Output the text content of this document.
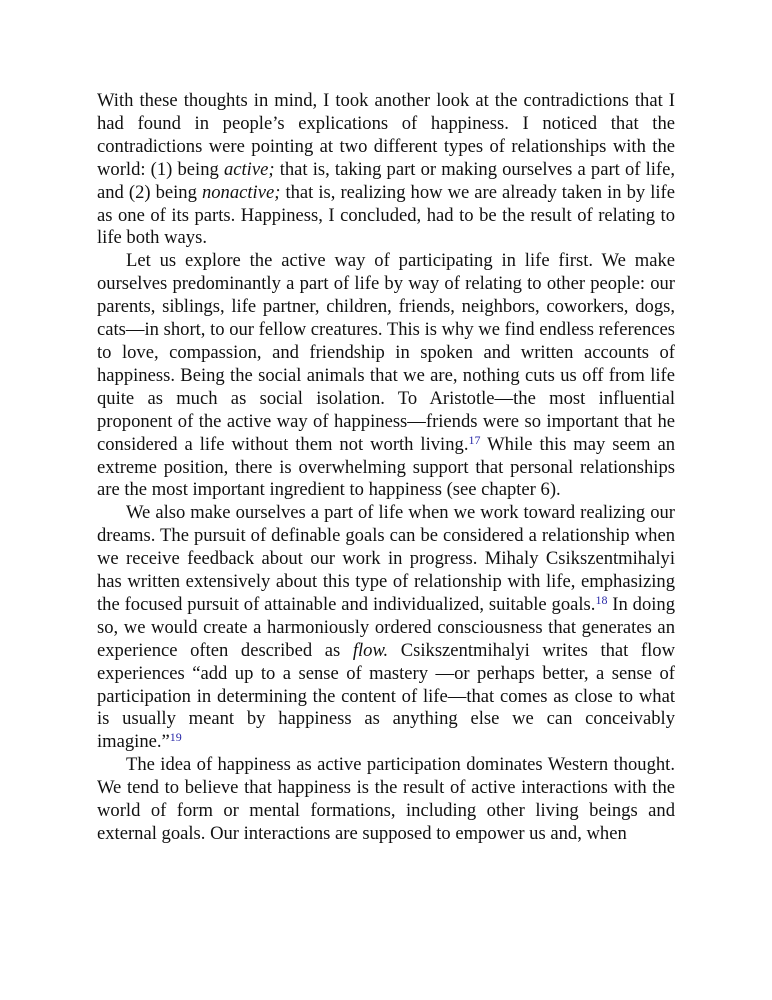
With these thoughts in mind, I took another look at the contradictions that I had found in people’s explications of happiness. I noticed that the contradictions were pointing at two different types of relationships with the world: (1) being active; that is, taking part or making ourselves a part of life, and (2) being nonactive; that is, realizing how we are already taken in by life as one of its parts. Happiness, I concluded, had to be the result of relating to life both ways.

Let us explore the active way of participating in life first. We make ourselves predominantly a part of life by way of relating to other people: our parents, siblings, life partner, children, friends, neighbors, coworkers, dogs, cats—in short, to our fellow creatures. This is why we find endless references to love, compassion, and friendship in spoken and written accounts of happiness. Being the social animals that we are, nothing cuts us off from life quite as much as social isolation. To Aristotle—the most influential proponent of the active way of happiness—friends were so important that he considered a life without them not worth living.$^{17}$ While this may seem an extreme position, there is overwhelming support that personal relationships are the most important ingredient to happiness (see chapter 6).

We also make ourselves a part of life when we work toward realizing our dreams. The pursuit of definable goals can be considered a relationship when we receive feedback about our work in progress. Mihaly Csikszentmihalyi has written extensively about this type of relationship with life, emphasizing the focused pursuit of attainable and individualized, suitable goals.$^{18}$ In doing so, we would create a harmoniously ordered consciousness that generates an experience often described as flow. Csikszentmihalyi writes that flow experiences “add up to a sense of mastery —or perhaps better, a sense of participation in determining the content of life—that comes as close to what is usually meant by happiness as anything else we can conceivably imagine.”$^{19}$

The idea of happiness as active participation dominates Western thought. We tend to believe that happiness is the result of active interactions with the world of form or mental formations, including other living beings and external goals. Our interactions are supposed to empower us and, when
